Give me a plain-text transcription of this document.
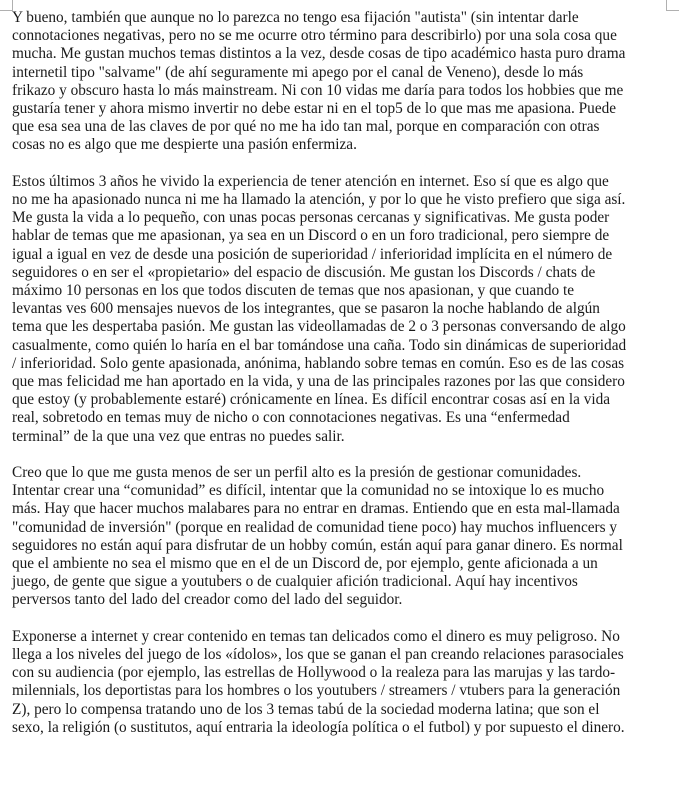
Y bueno, también que aunque no lo parezca no tengo esa fijación "autista" (sin intentar darle
connotaciones negativas, pero no se me ocurre otro término para describirlo) por una sola cosa que
mucha. Me gustan muchos temas distintos a la vez, desde cosas de tipo académico hasta puro drama
internetil tipo "salvame" (de ahí seguramente mi apego por el canal de Veneno), desde lo más
frikazo y obscuro hasta lo más mainstream. Ni con 10 vidas me daría para todos los hobbies que me
gustaría tener y ahora mismo invertir no debe estar ni en el top5 de lo que mas me apasiona. Puede
que esa sea una de las claves de por qué no me ha ido tan mal, porque en comparación con otras
cosas no es algo que me despierte una pasión enfermiza.

Estos últimos 3 años he vivido la experiencia de tener atención en internet. Eso sí que es algo que
no me ha apasionado nunca ni me ha llamado la atención, y por lo que he visto prefiero que siga así.
Me gusta la vida a lo pequeño, con unas pocas personas cercanas y significativas. Me gusta poder
hablar de temas que me apasionan, ya sea en un Discord o en un foro tradicional, pero siempre de
igual a igual en vez de desde una posición de superioridad / inferioridad implícita en el número de
seguidores o en ser el «propietario» del espacio de discusión. Me gustan los Discords / chats de
máximo 10 personas en los que todos discuten de temas que nos apasionan, y que cuando te
levantas ves 600 mensajes nuevos de los integrantes, que se pasaron la noche hablando de algún
tema que les despertaba pasión. Me gustan las videollamadas de 2 o 3 personas conversando de algo
casualmente, como quién lo haría en el bar tomándose una caña. Todo sin dinámicas de superioridad
/ inferioridad. Solo gente apasionada, anónima, hablando sobre temas en común. Eso es de las cosas
que mas felicidad me han aportado en la vida, y una de las principales razones por las que considero
que estoy (y probablemente estaré) crónicamente en línea. Es difícil encontrar cosas así en la vida
real, sobretodo en temas muy de nicho o con connotaciones negativas. Es una “enfermedad
terminal” de la que una vez que entras no puedes salir.

Creo que lo que me gusta menos de ser un perfil alto es la presión de gestionar comunidades.
Intentar crear una “comunidad” es difícil, intentar que la comunidad no se intoxique lo es mucho
más. Hay que hacer muchos malabares para no entrar en dramas. Entiendo que en esta mal-llamada
"comunidad de inversión" (porque en realidad de comunidad tiene poco) hay muchos influencers y
seguidores no están aquí para disfrutar de un hobby común, están aquí para ganar dinero. Es normal
que el ambiente no sea el mismo que en el de un Discord de, por ejemplo, gente aficionada a un
juego, de gente que sigue a youtubers o de cualquier afición tradicional. Aquí hay incentivos
perversos tanto del lado del creador como del lado del seguidor.

Exponerse a internet y crear contenido en temas tan delicados como el dinero es muy peligroso. No
llega a los niveles del juego de los «ídolos», los que se ganan el pan creando relaciones parasociales
con su audiencia (por ejemplo, las estrellas de Hollywood o la realeza para las marujas y las tardo-
milennials, los deportistas para los hombres o los youtubers / streamers / vtubers para la generación
Z), pero lo compensa tratando uno de los 3 temas tabú de la sociedad moderna latina; que son el
sexo, la religión (o sustitutos, aquí entraria la ideología política o el futbol) y por supuesto el dinero.
